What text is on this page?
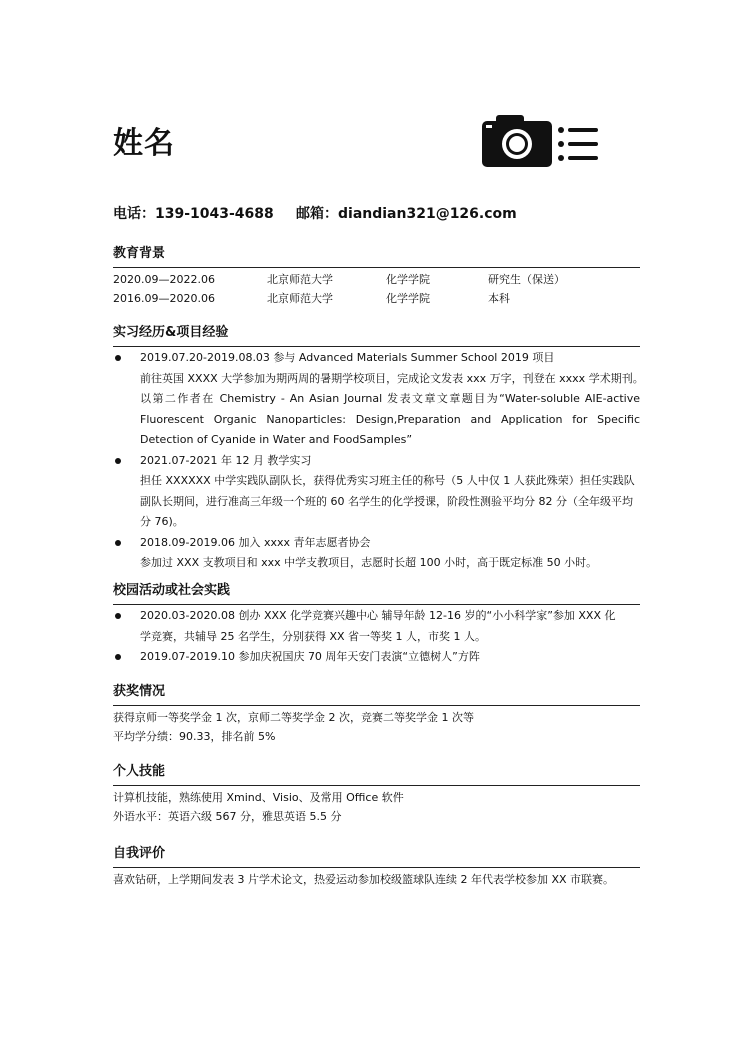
姓名
电话：139-1043-4688 邮箱：diandian321@126.com
教育背景
2020.09—2022.06	北京师范大学	化学学院	研究生（保送）
2016.09—2020.06	北京师范大学	化学学院	本科
实习经历&项目经验
2019.07.20-2019.08.03 参与 Advanced Materials Summer School 2019 项目
前往英国 XXXX 大学参加为期两周的暑期学校项目，完成论文发表 xxx 万字，刊登在 xxxx 学术期刊。
以第二作者在 Chemistry - An Asian Journal 发表文章文章题目为“Water-soluble AIE-active
Fluorescent Organic Nanoparticles: Design,Preparation and Application for Specific
Detection of Cyanide in Water and FoodSamples”
2021.07-2021 年 12 月 教学实习
担任 XXXXXX 中学实践队副队长，获得优秀实习班主任的称号（5 人中仅 1 人获此殊荣）担任实践队
副队长期间，进行准高三年级一个班的 60 名学生的化学授课，阶段性测验平均分 82 分（全年级平均
分 76)。
2018.09-2019.06 加入 xxxx 青年志愿者协会
参加过 XXX 支教项目和 xxx 中学支教项目，志愿时长超 100 小时，高于既定标准 50 小时。
校园活动或社会实践
2020.03-2020.08 创办 XXX 化学竞赛兴趣中心 辅导年龄 12-16 岁的“小小科学家”参加 XXX 化
学竞赛，共辅导 25 名学生，分别获得 XX 省一等奖 1 人，市奖 1 人。
2019.07-2019.10 参加庆祝国庆 70 周年天安门表演“立德树人”方阵
获奖情况
获得京师一等奖学金 1 次，京师二等奖学金 2 次，竞赛二等奖学金 1 次等
平均学分绩：90.33，排名前 5%
个人技能
计算机技能，熟练使用 Xmind、Visio、及常用 Office 软件
外语水平：英语六级 567 分，雅思英语 5.5 分
自我评价
喜欢钻研，上学期间发表 3 片学术论文，热爱运动参加校级篮球队连续 2 年代表学校参加 XX 市联赛。
